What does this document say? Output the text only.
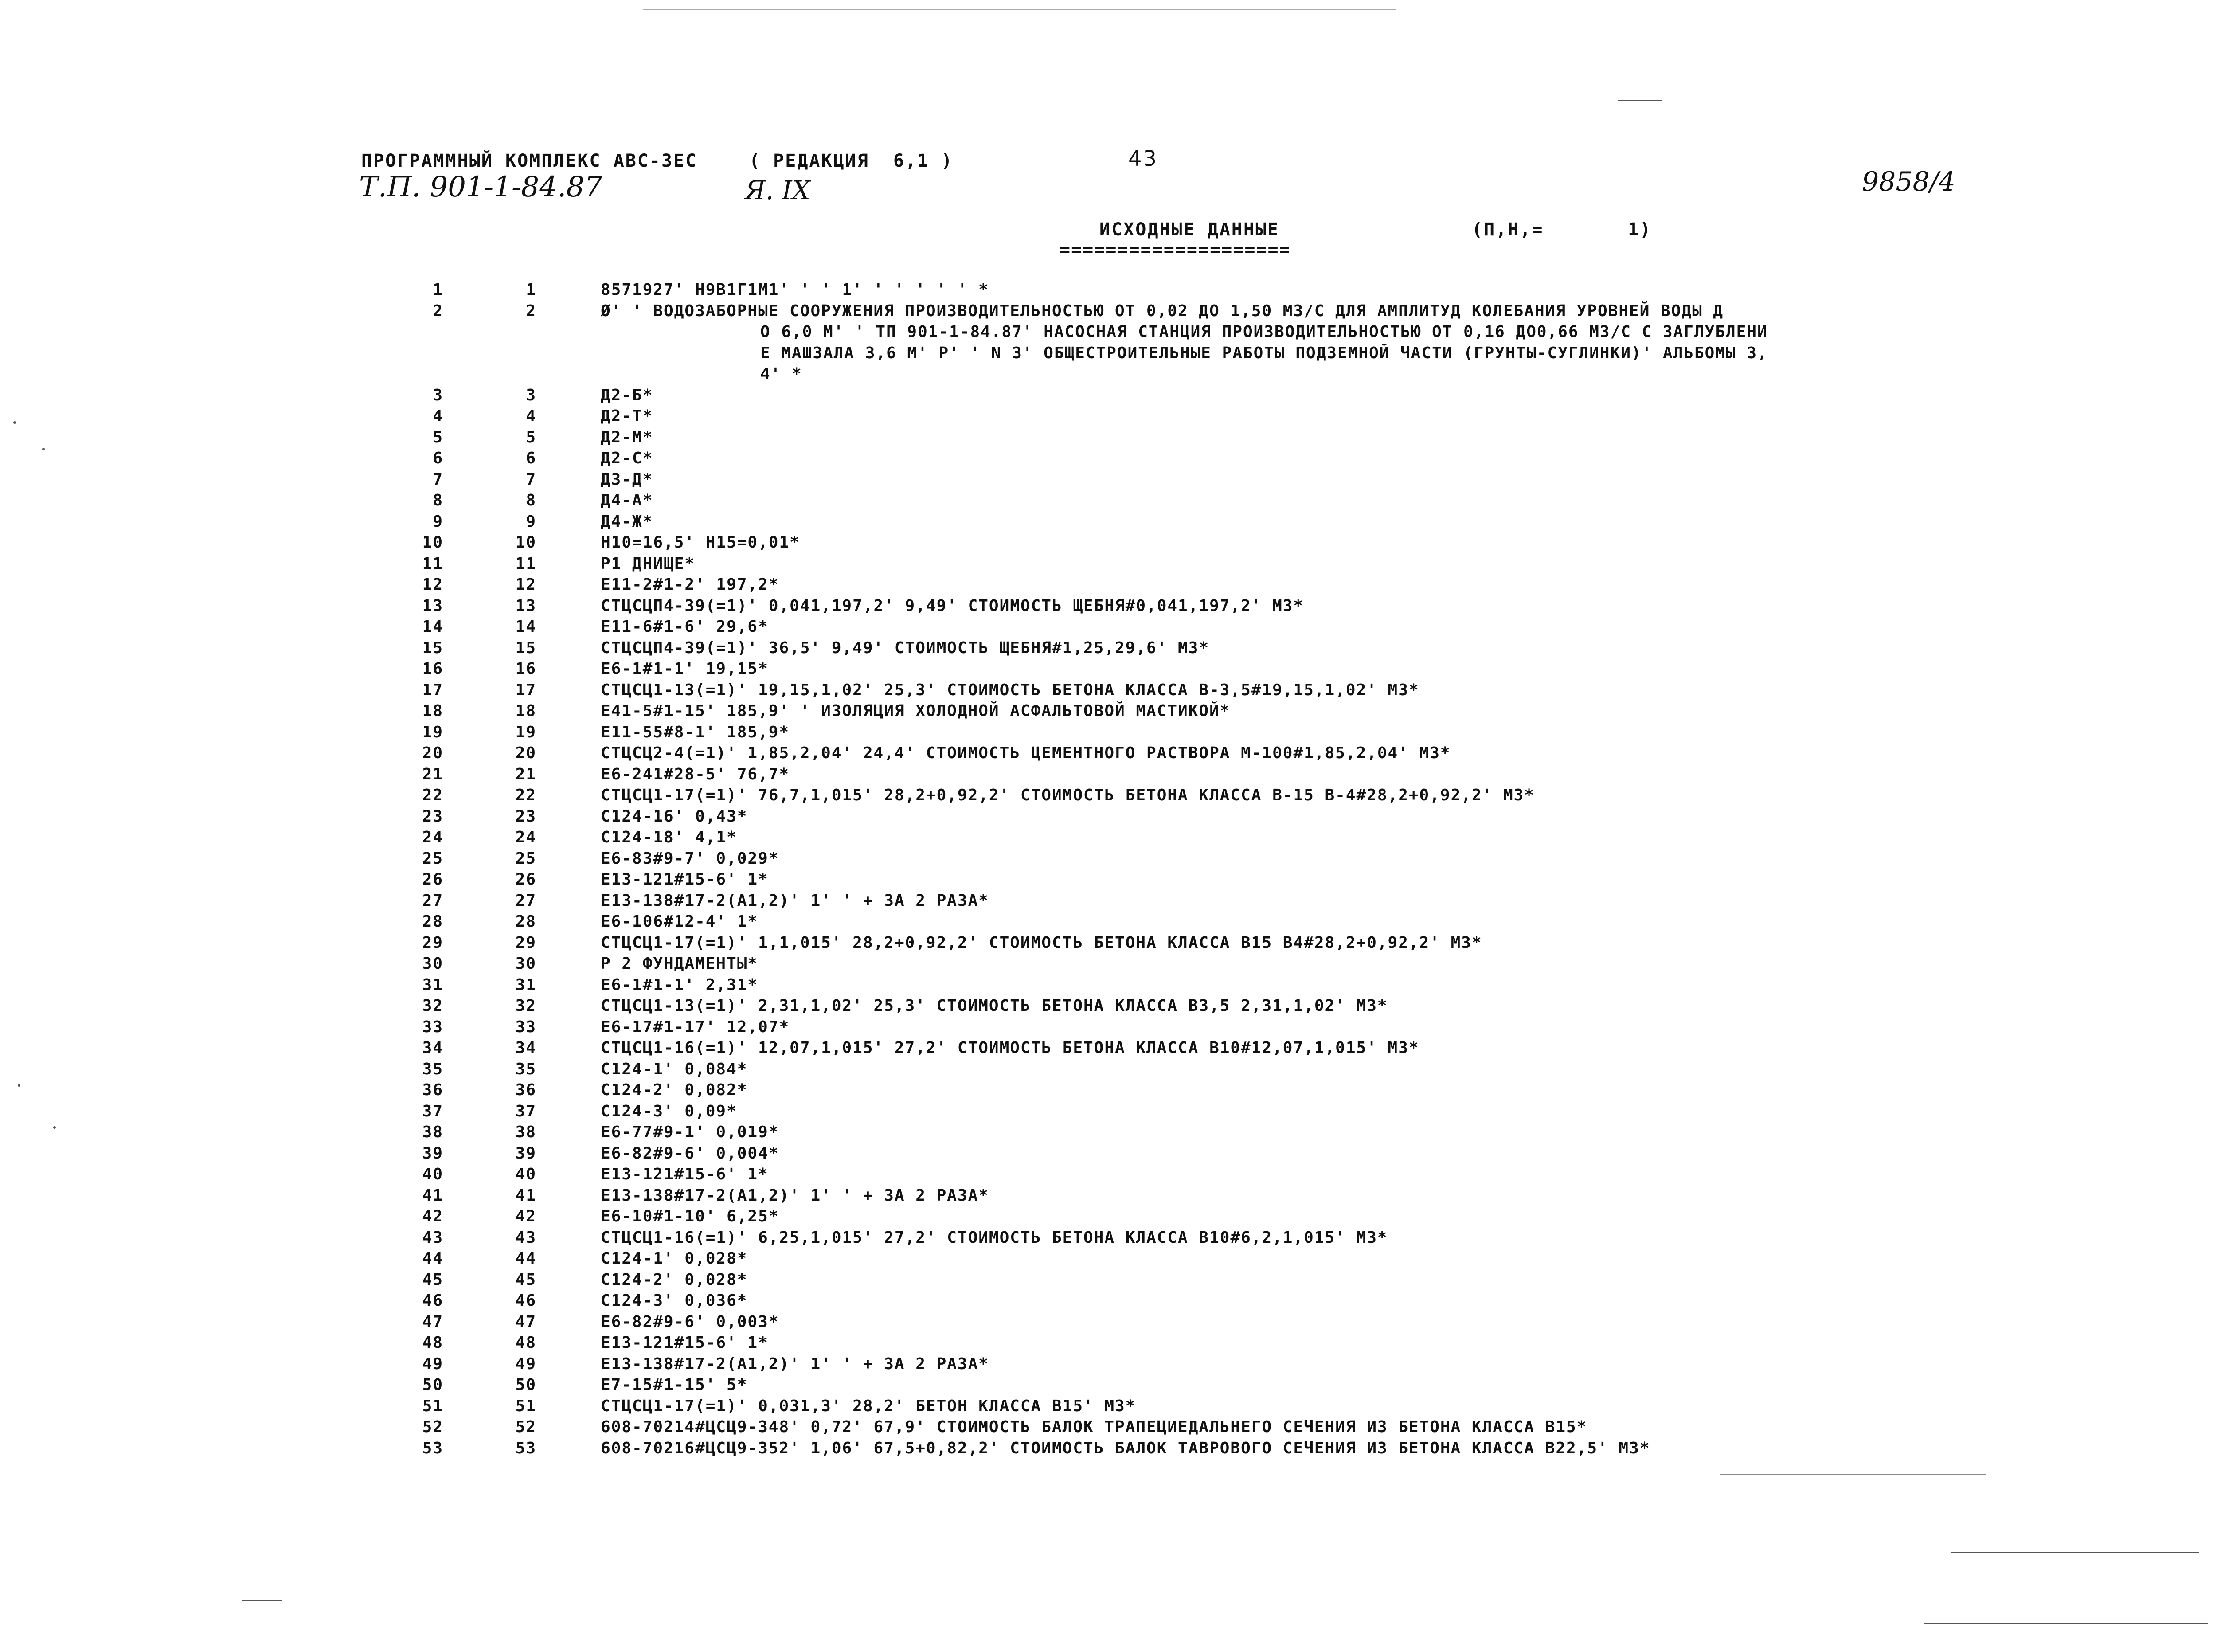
ПРОГРАММНЫЙ КОМПЛЕКС АВС-3ЕС	( РЕДАКЦИЯ  6,1 )	43
Т.П. 901-1-84.87	Я. IX	9858/4
ИСХОДНЫЕ ДАННЫЕ
====================
(П,Н,=       1)
1	1	8571927' Н9В1Г1М1' ' ' 1' ' ' ' ' ' *
2	2	Ø' ' ВОДОЗАБОРНЫЕ СООРУЖЕНИЯ ПРОИЗВОДИТЕЛЬНОСТЬЮ ОТ 0,02 ДО 1,50 М3/С ДЛЯ АМПЛИТУД КОЛЕБАНИЯ УРОВНЕЙ ВОДЫ Д
О 6,0 М' ' ТП 901-1-84.87' НАСОСНАЯ СТАНЦИЯ ПРОИЗВОДИТЕЛЬНОСТЬЮ ОТ 0,16 ДО0,66 М3/С С ЗАГЛУБЛЕНИ
Е МАШЗАЛА 3,6 М' Р' ' N 3' ОБЩЕСТРОИТЕЛЬНЫЕ РАБОТЫ ПОДЗЕМНОЙ ЧАСТИ (ГРУНТЫ-СУГЛИНКИ)' АЛЬБОМЫ 3,
4' *
3	3	Д2-Б*
4	4	Д2-Т*
5	5	Д2-М*
6	6	Д2-С*
7	7	Д3-Д*
8	8	Д4-А*
9	9	Д4-Ж*
10	10	Н10=16,5' Н15=0,01*
11	11	Р1 ДНИЩЕ*
12	12	Е11-2#1-2' 197,2*
13	13	СТЦСЦП4-39(=1)' 0,041,197,2' 9,49' СТОИМОСТЬ ЩЕБНЯ#0,041,197,2' М3*
14	14	Е11-6#1-6' 29,6*
15	15	СТЦСЦП4-39(=1)' 36,5' 9,49' СТОИМОСТЬ ЩЕБНЯ#1,25,29,6' М3*
16	16	Е6-1#1-1' 19,15*
17	17	СТЦСЦ1-13(=1)' 19,15,1,02' 25,3' СТОИМОСТЬ БЕТОНА КЛАССА В-3,5#19,15,1,02' М3*
18	18	Е41-5#1-15' 185,9' ' ИЗОЛЯЦИЯ ХОЛОДНОЙ АСФАЛЬТОВОЙ МАСТИКОЙ*
19	19	Е11-55#8-1' 185,9*
20	20	СТЦСЦ2-4(=1)' 1,85,2,04' 24,4' СТОИМОСТЬ ЦЕМЕНТНОГО РАСТВОРА М-100#1,85,2,04' М3*
21	21	Е6-241#28-5' 76,7*
22	22	СТЦСЦ1-17(=1)' 76,7,1,015' 28,2+0,92,2' СТОИМОСТЬ БЕТОНА КЛАССА В-15 В-4#28,2+0,92,2' М3*
23	23	С124-16' 0,43*
24	24	С124-18' 4,1*
25	25	Е6-83#9-7' 0,029*
26	26	Е13-121#15-6' 1*
27	27	Е13-138#17-2(А1,2)' 1' ' + ЗА 2 РАЗА*
28	28	Е6-106#12-4' 1*
29	29	СТЦСЦ1-17(=1)' 1,1,015' 28,2+0,92,2' СТОИМОСТЬ БЕТОНА КЛАССА В15 В4#28,2+0,92,2' М3*
30	30	Р 2 ФУНДАМЕНТЫ*
31	31	Е6-1#1-1' 2,31*
32	32	СТЦСЦ1-13(=1)' 2,31,1,02' 25,3' СТОИМОСТЬ БЕТОНА КЛАССА В3,5 2,31,1,02' М3*
33	33	Е6-17#1-17' 12,07*
34	34	СТЦСЦ1-16(=1)' 12,07,1,015' 27,2' СТОИМОСТЬ БЕТОНА КЛАССА В10#12,07,1,015' М3*
35	35	С124-1' 0,084*
36	36	С124-2' 0,082*
37	37	С124-3' 0,09*
38	38	Е6-77#9-1' 0,019*
39	39	Е6-82#9-6' 0,004*
40	40	Е13-121#15-6' 1*
41	41	Е13-138#17-2(А1,2)' 1' ' + ЗА 2 РАЗА*
42	42	Е6-10#1-10' 6,25*
43	43	СТЦСЦ1-16(=1)' 6,25,1,015' 27,2' СТОИМОСТЬ БЕТОНА КЛАССА В10#6,2,1,015' М3*
44	44	С124-1' 0,028*
45	45	С124-2' 0,028*
46	46	С124-3' 0,036*
47	47	Е6-82#9-6' 0,003*
48	48	Е13-121#15-6' 1*
49	49	Е13-138#17-2(А1,2)' 1' ' + ЗА 2 РАЗА*
50	50	Е7-15#1-15' 5*
51	51	СТЦСЦ1-17(=1)' 0,031,3' 28,2' БЕТОН КЛАССА В15' М3*
52	52	608-70214#ЦСЦ9-348' 0,72' 67,9' СТОИМОСТЬ БАЛОК ТРАПЕЦИЕДАЛЬНЕГО СЕЧЕНИЯ ИЗ БЕТОНА КЛАССА В15*
53	53	608-70216#ЦСЦ9-352' 1,06' 67,5+0,82,2' СТОИМОСТЬ БАЛОК ТАВРОВОГО СЕЧЕНИЯ ИЗ БЕТОНА КЛАССА В22,5' М3*
